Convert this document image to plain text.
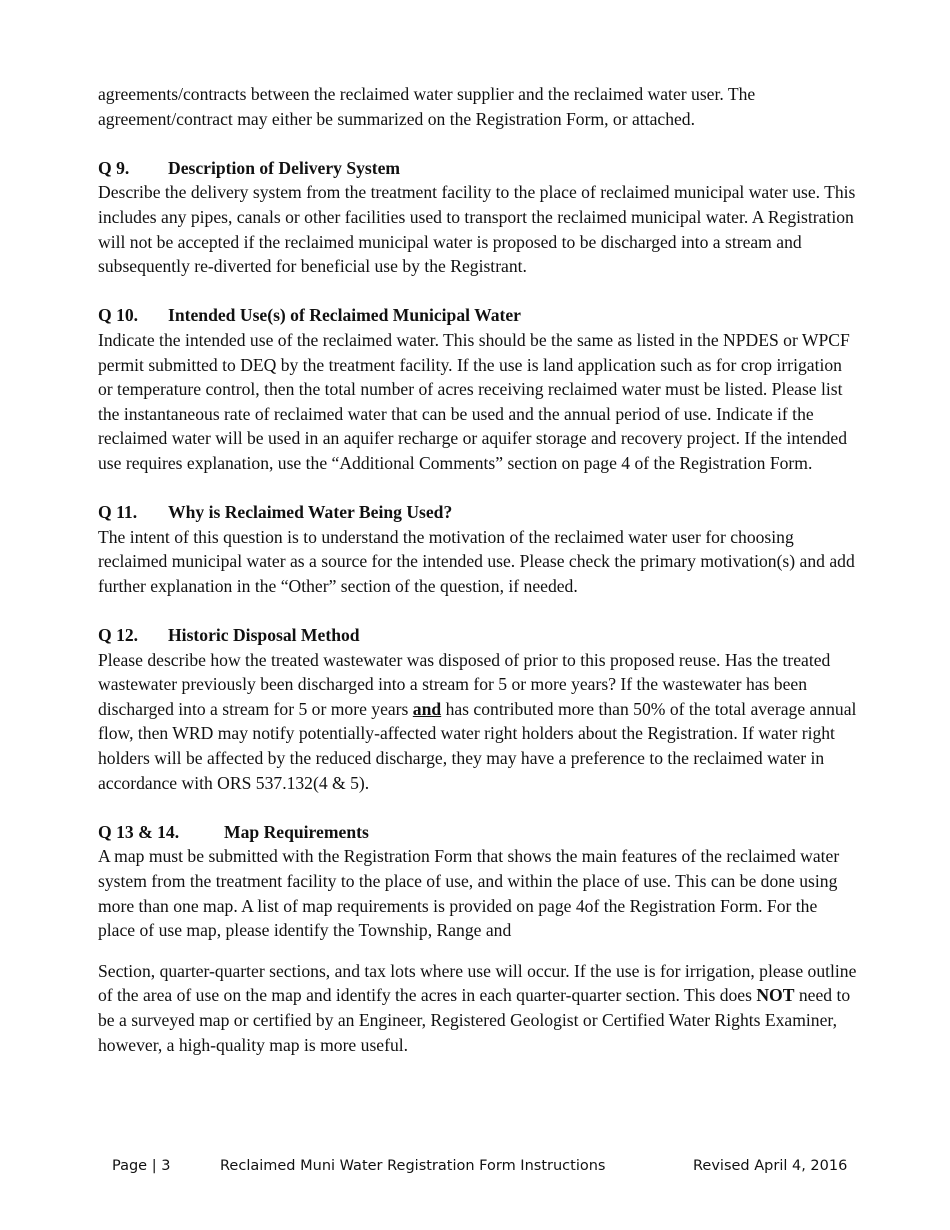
agreements/contracts between the reclaimed water supplier and the reclaimed water user. The agreement/contract may either be summarized on the Registration Form, or attached.

Q 9. Description of Delivery System

Describe the delivery system from the treatment facility to the place of reclaimed municipal water use. This includes any pipes, canals or other facilities used to transport the reclaimed municipal water. A Registration will not be accepted if the reclaimed municipal water is proposed to be discharged into a stream and subsequently re-diverted for beneficial use by the Registrant.

Q 10. Intended Use(s) of Reclaimed Municipal Water

Indicate the intended use of the reclaimed water. This should be the same as listed in the NPDES or WPCF permit submitted to DEQ by the treatment facility. If the use is land application such as for crop irrigation or temperature control, then the total number of acres receiving reclaimed water must be listed. Please list the instantaneous rate of reclaimed water that can be used and the annual period of use. Indicate if the reclaimed water will be used in an aquifer recharge or aquifer storage and recovery project. If the intended use requires explanation, use the “Additional Comments” section on page 4 of the Registration Form.

Q 11. Why is Reclaimed Water Being Used?

The intent of this question is to understand the motivation of the reclaimed water user for choosing reclaimed municipal water as a source for the intended use. Please check the primary motivation(s) and add further explanation in the “Other” section of the question, if needed.

Q 12. Historic Disposal Method

Please describe how the treated wastewater was disposed of prior to this proposed reuse. Has the treated wastewater previously been discharged into a stream for 5 or more years? If the wastewater has been discharged into a stream for 5 or more years and has contributed more than 50% of the total average annual flow, then WRD may notify potentially-affected water right holders about the Registration. If water right holders will be affected by the reduced discharge, they may have a preference to the reclaimed water in accordance with ORS 537.132(4 & 5).

Q 13 & 14.	Map Requirements

A map must be submitted with the Registration Form that shows the main features of the reclaimed water system from the treatment facility to the place of use, and within the place of use. This can be done using more than one map. A list of map requirements is provided on page 4of the Registration Form. For the place of use map, please identify the Township, Range and

Section, quarter-quarter sections, and tax lots where use will occur. If the use is for irrigation, please outline of the area of use on the map and identify the acres in each quarter-quarter section. This does NOT need to be a surveyed map or certified by an Engineer, Registered Geologist or Certified Water Rights Examiner, however, a high-quality map is more useful.

Page | 3	Reclaimed Muni Water Registration Form Instructions	Revised April 4, 2016
